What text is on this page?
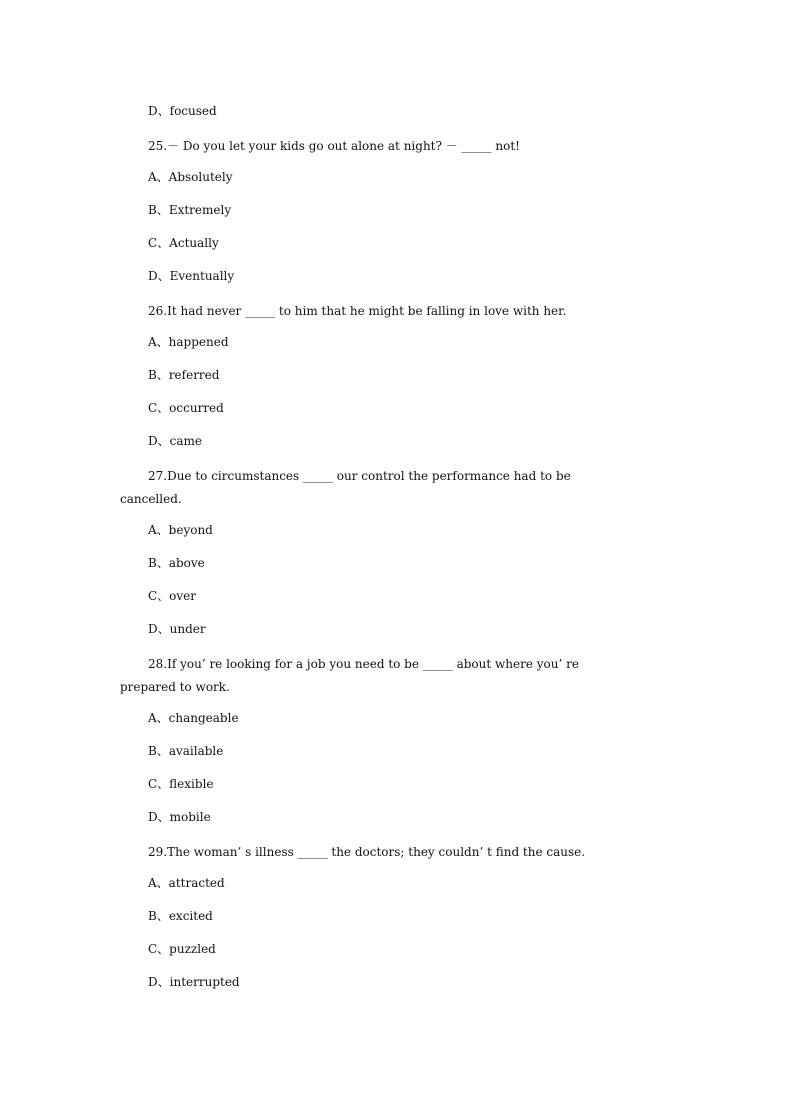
D、focused
25.－ Do you let your kids go out alone at night? － _____ not!
A、Absolutely
B、Extremely
C、Actually
D、Eventually
26.It had never _____ to him that he might be falling in love with her.
A、happened
B、referred
C、occurred
D、came
27.Due to circumstances _____ our control the performance had to be
cancelled.
A、beyond
B、above
C、over
D、under
28.If you’ re looking for a job you need to be _____ about where you’ re
prepared to work.
A、changeable
B、available
C、flexible
D、mobile
29.The woman’ s illness _____ the doctors; they couldn’ t find the cause.
A、attracted
B、excited
C、puzzled
D、interrupted
